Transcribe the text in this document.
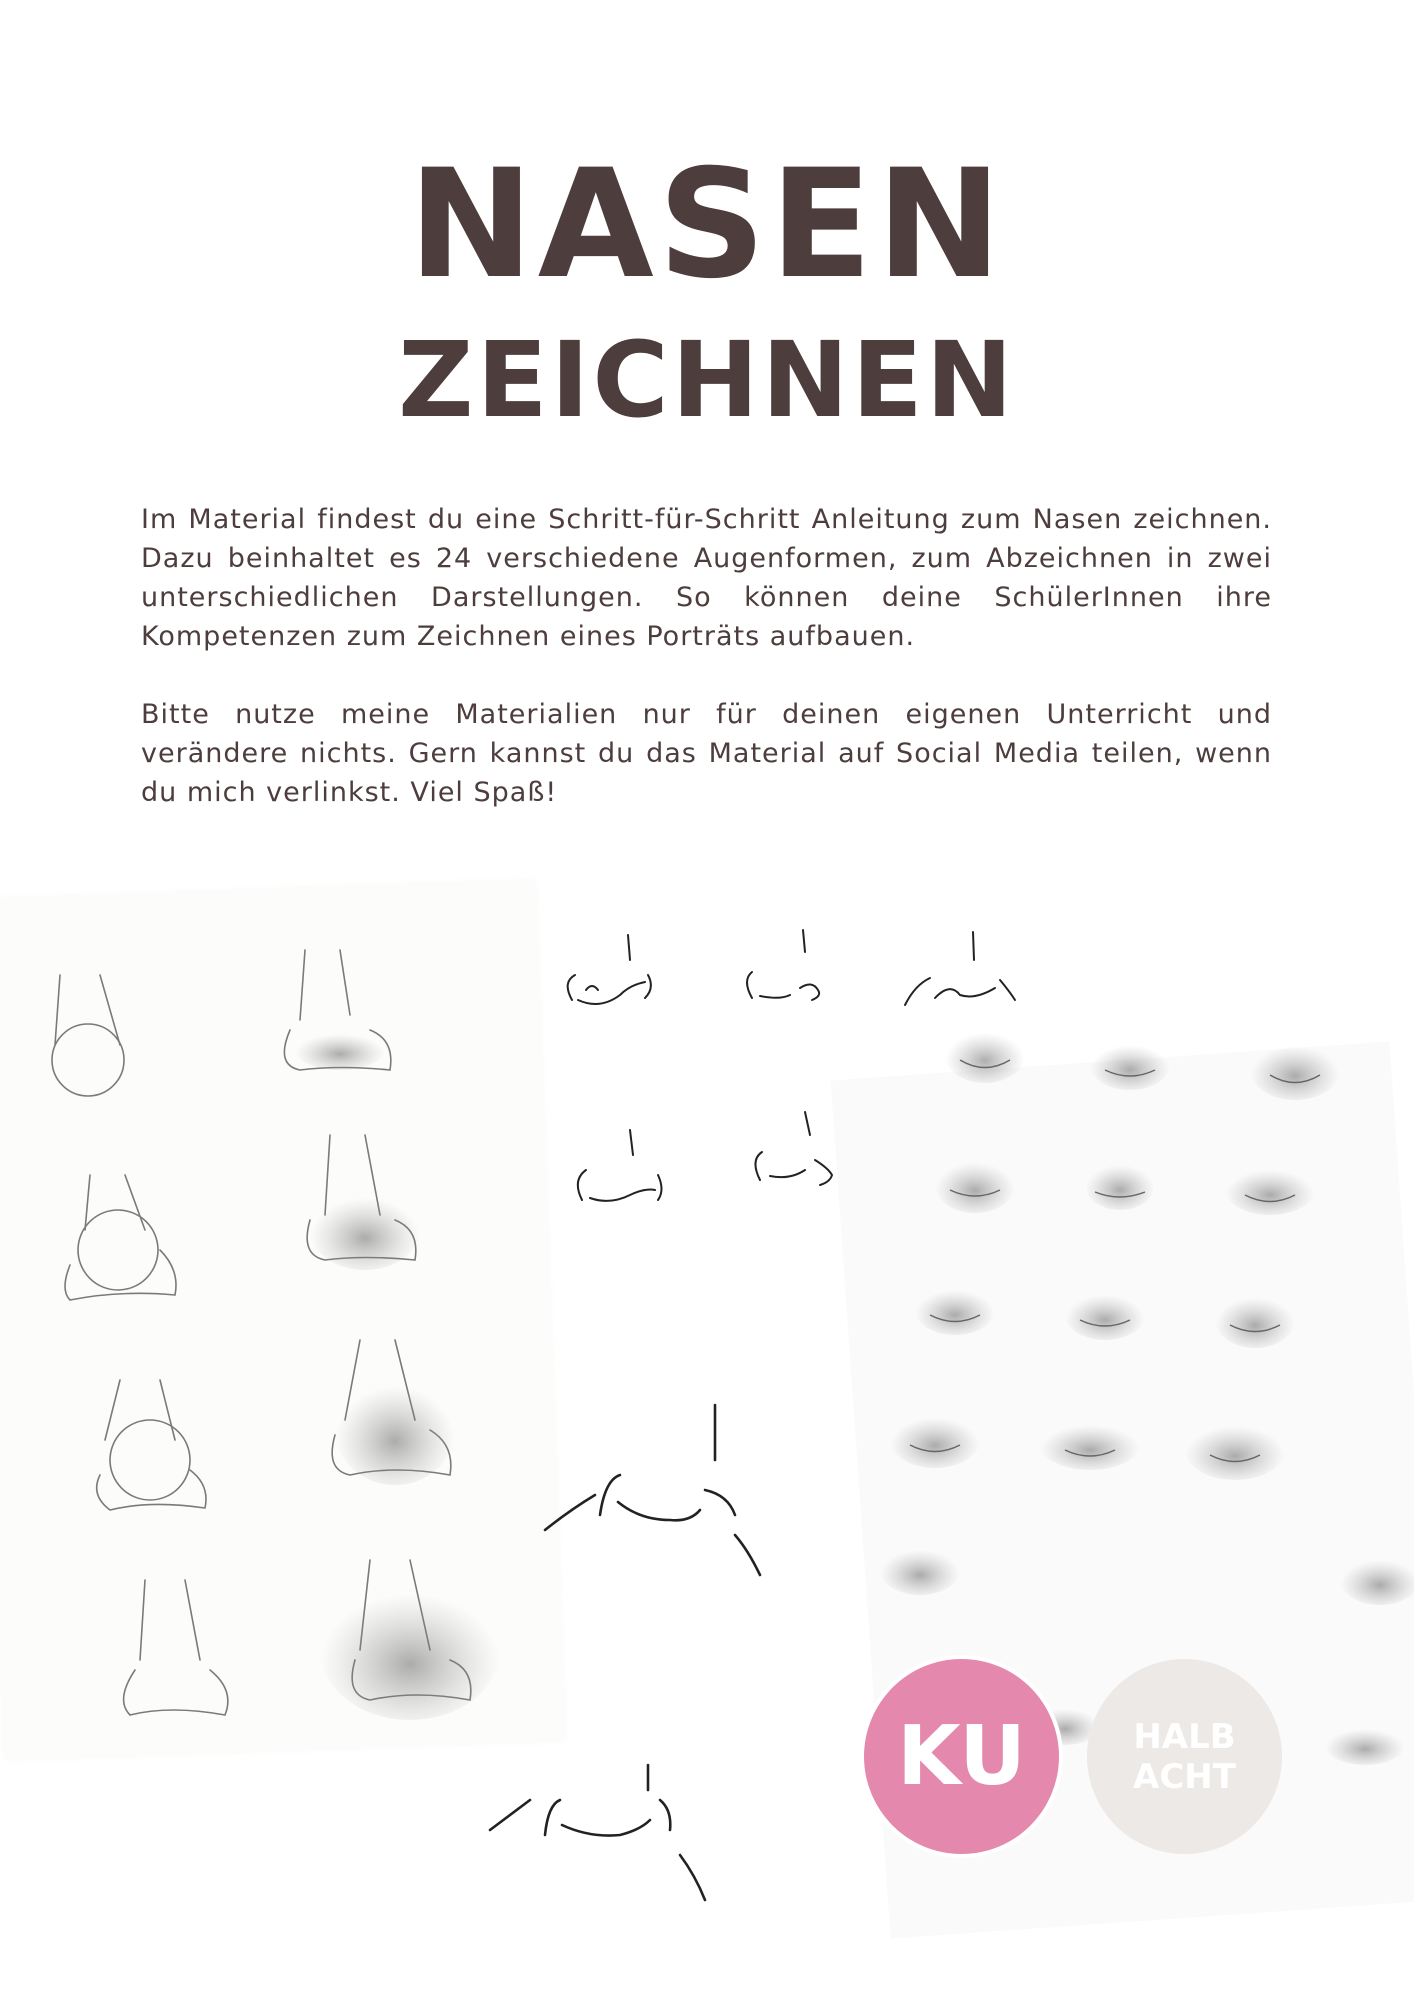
NASEN
ZEICHNEN
Im Material findest du eine Schritt-für-Schritt Anleitung zum Nasen zeichnen. Dazu beinhaltet es 24 verschiedene Augenformen, zum Abzeichnen in zwei unterschiedlichen Darstellungen. So können deine SchülerInnen ihre Kompetenzen zum Zeichnen eines Porträts aufbauen.
Bitte nutze meine Materialien nur für deinen eigenen Unterricht und verändere nichts. Gern kannst du das Material auf Social Media teilen, wenn du mich verlinkst. Viel Spaß!
KU	HALB
ACHT
